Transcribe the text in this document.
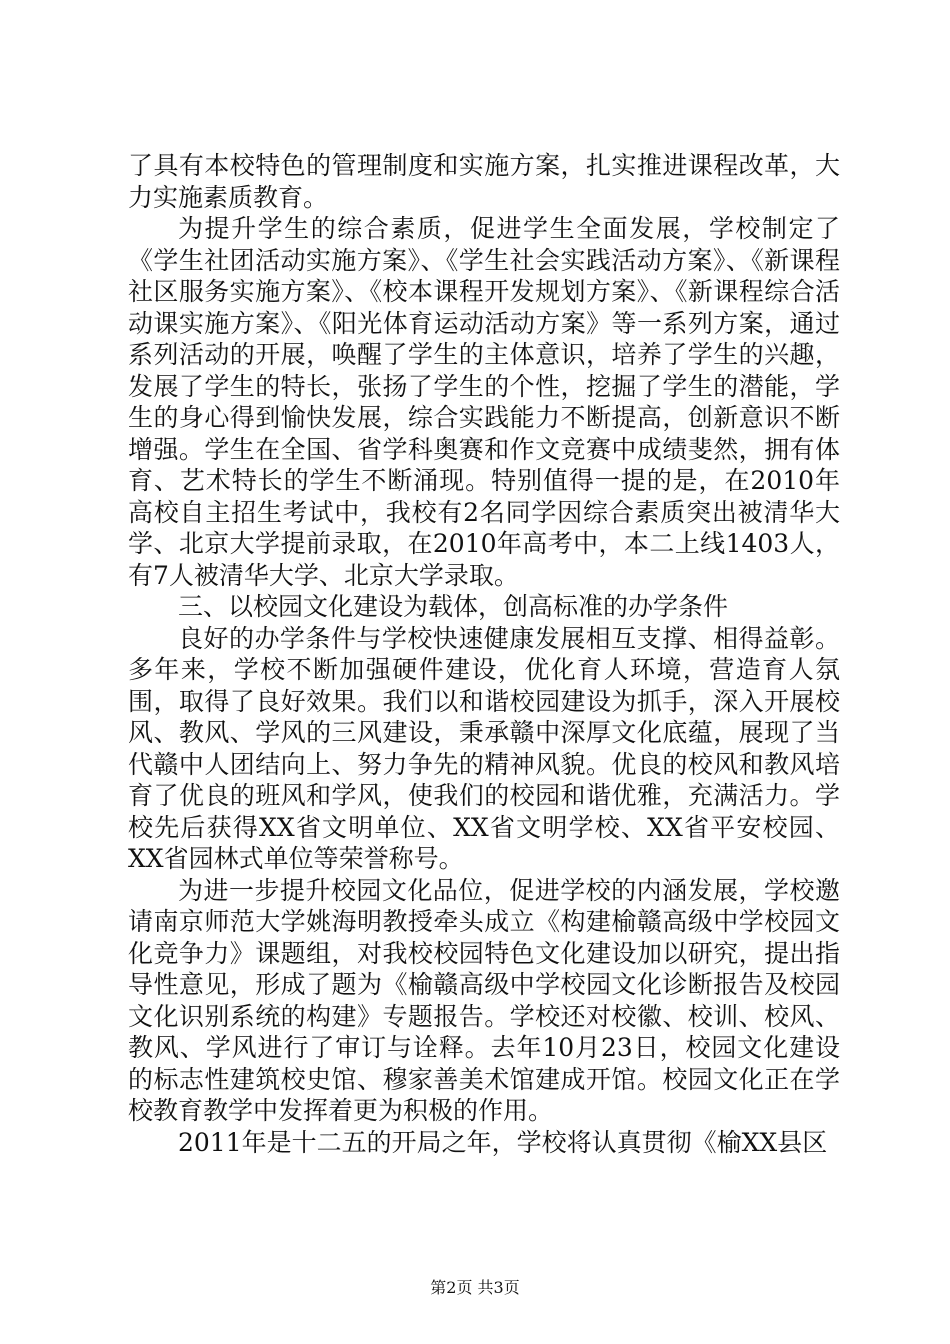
了具有本校特色的管理制度和实施方案，扎实推进课程改革，大力实施素质教育。

为提升学生的综合素质，促进学生全面发展，学校制定了《学生社团活动实施方案》、《学生社会实践活动方案》、《新课程社区服务实施方案》、《校本课程开发规划方案》、《新课程综合活动课实施方案》、《阳光体育运动活动方案》等一系列方案，通过系列活动的开展，唤醒了学生的主体意识，培养了学生的兴趣，发展了学生的特长，张扬了学生的个性，挖掘了学生的潜能，学生的身心得到愉快发展，综合实践能力不断提高，创新意识不断增强。学生在全国、省学科奥赛和作文竞赛中成绩斐然，拥有体育、艺术特长的学生不断涌现。特别值得一提的是，在2010年高校自主招生考试中，我校有2名同学因综合素质突出被清华大学、北京大学提前录取，在2010年高考中，本二上线1403人，有7人被清华大学、北京大学录取。

三、以校园文化建设为载体，创高标准的办学条件

良好的办学条件与学校快速健康发展相互支撑、相得益彰。多年来，学校不断加强硬件建设，优化育人环境，营造育人氛围，取得了良好效果。我们以和谐校园建设为抓手，深入开展校风、教风、学风的三风建设，秉承赣中深厚文化底蕴，展现了当代赣中人团结向上、努力争先的精神风貌。优良的校风和教风培育了优良的班风和学风，使我们的校园和谐优雅，充满活力。学校先后获得XX省文明单位、XX省文明学校、XX省平安校园、XX省园林式单位等荣誉称号。

为进一步提升校园文化品位，促进学校的内涵发展，学校邀请南京师范大学姚海明教授牵头成立《构建榆赣高级中学校园文化竞争力》课题组，对我校校园特色文化建设加以研究，提出指导性意见，形成了题为《榆赣高级中学校园文化诊断报告及校园文化识别系统的构建》专题报告。学校还对校徽、校训、校风、教风、学风进行了审订与诠释。去年10月23日，校园文化建设的标志性建筑校史馆、穆家善美术馆建成开馆。校园文化正在学校教育教学中发挥着更为积极的作用。

2011年是十二五的开局之年，学校将认真贯彻《榆XX县区

第2页 共3页
